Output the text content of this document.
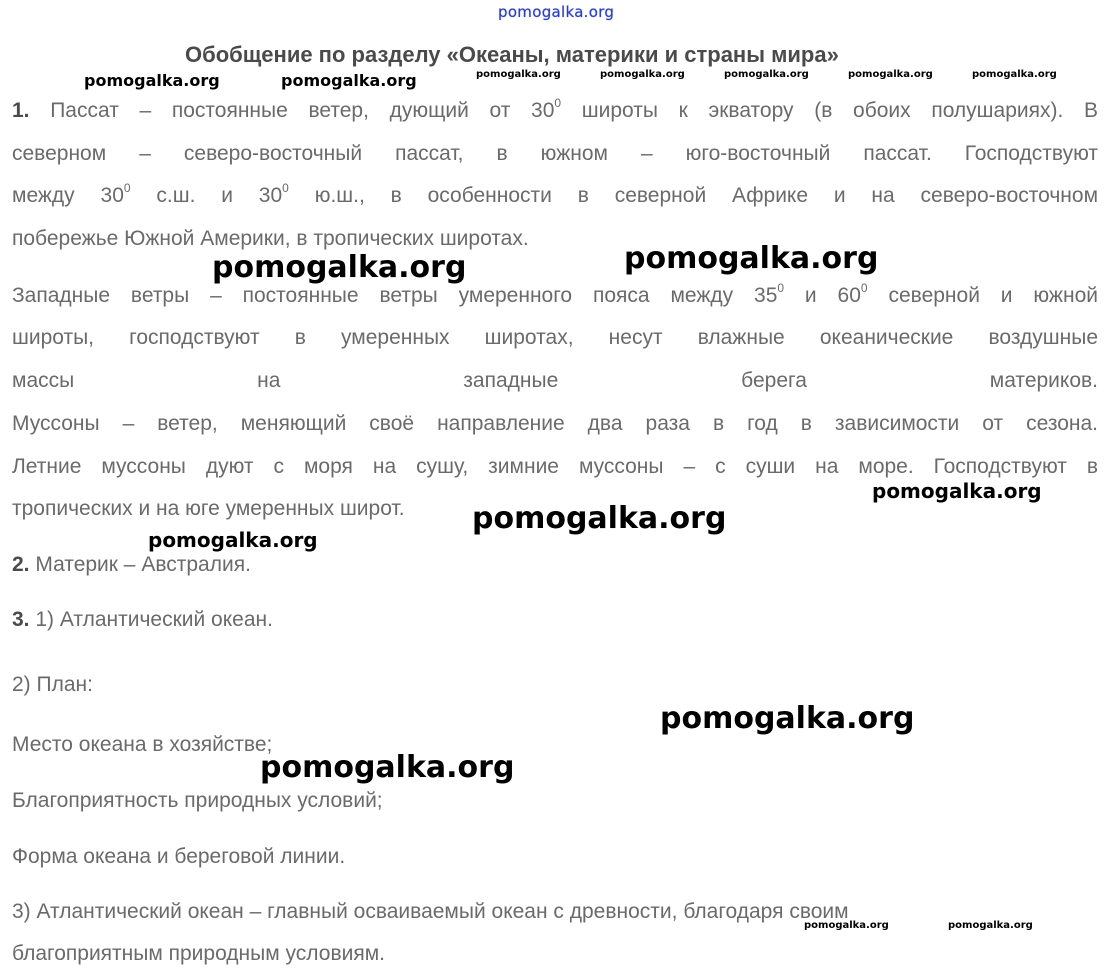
pomogalka.org
Обобщение по разделу «Океаны, материки и страны мира»
pomogalka.org	pomogalka.org	pomogalka.org	pomogalka.org	pomogalka.org	pomogalka.org	pomogalka.org
1. Пассат – постоянные ветер, дующий от $30^0$ широты к экватору (в обоих полушариях). В
северном – северо-восточный пассат, в южном – юго-восточный пассат. Господствуют
между $30^0$ с.ш. и $30^0$ ю.ш., в особенности в северной Африке и на северо-восточном
побережье Южной Америки, в тропических широтах.
Западные ветры – постоянные ветры умеренного пояса между $35^0$ и $60^0$ северной и южной
широты, господствуют в умеренных широтах, несут влажные океанические воздушные
массы на западные берега материков.
Муссоны – ветер, меняющий своё направление два раза в год в зависимости от сезона.
Летние муссоны дуют с моря на сушу, зимние муссоны – с суши на море. Господствуют в
тропических и на юге умеренных широт.
2. Материк – Австралия.
3. 1) Атлантический океан.
2) План:
Место океана в хозяйстве;
Благоприятность природных условий;
Форма океана и береговой линии.
3) Атлантический океан – главный осваиваемый океан с древности, благодаря своим
благоприятным природным условиям.
pomogalka.org	pomogalka.org
pomogalka.org
pomogalka.org
pomogalka.org
pomogalka.org
pomogalka.org
pomogalka.org	pomogalka.org
